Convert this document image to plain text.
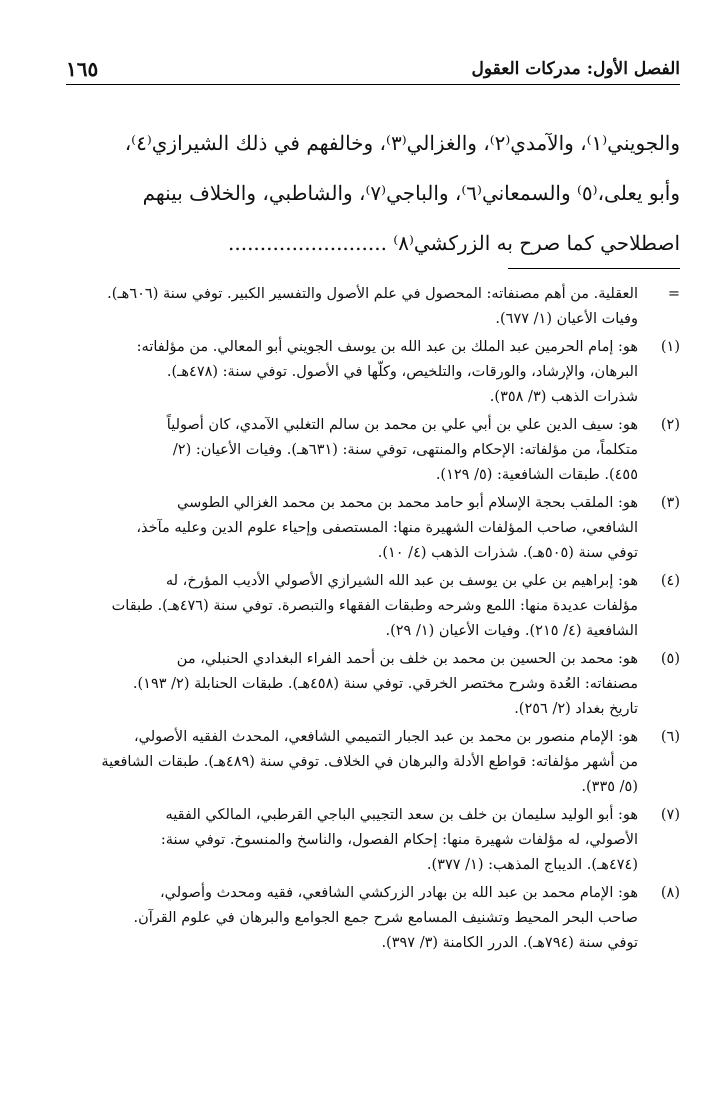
الفصل الأول: مدركات العقول
١٦٥

والجويني⁽١⁾، والآمدي⁽٢⁾، والغزالي⁽٣⁾، وخالفهم في ذلك الشيرازي⁽٤⁾،

وأبو يعلى،⁽٥⁾ والسمعاني⁽٦⁾، والباجي⁽٧⁾، والشاطبي، والخلاف بينهم

اصطلاحي كما صرح به الزركشي⁽٨⁾ .........................

=
العقلية. من أهم مصنفاته: المحصول في علم الأصول والتفسير الكبير. توفي سنة (٦٠٦هـ).
وفيات الأعيان (١/ ٦٧٧).
(١)
هو: إمام الحرمين عبد الملك بن عبد الله بن يوسف الجويني أبو المعالي. من مؤلفاته:
البرهان، والإرشاد، والورقات، والتلخيص، وكلّها في الأصول. توفي سنة: (٤٧٨هـ).
شذرات الذهب (٣/ ٣٥٨).
(٢)
هو: سيف الدين علي بن أبي علي بن محمد بن سالم التغلبي الآمدي، كان أصولياً
متكلماً، من مؤلفاته: الإحكام والمنتهى، توفي سنة: (٦٣١هـ). وفيات الأعيان: (٢/
٤٥٥). طبقات الشافعية: (٥/ ١٢٩).
(٣)
هو: الملقب بحجة الإسلام أبو حامد محمد بن محمد بن محمد الغزالي الطوسي
الشافعي، صاحب المؤلفات الشهيرة منها: المستصفى وإحياء علوم الدين وعليه مآخذ،
توفي سنة (٥٠٥هـ). شذرات الذهب (٤/ ١٠).
(٤)
هو: إبراهيم بن علي بن يوسف بن عبد الله الشيرازي الأصولي الأديب المؤرخ، له
مؤلفات عديدة منها: اللمع وشرحه وطبقات الفقهاء والتبصرة. توفي سنة (٤٧٦هـ). طبقات
الشافعية (٤/ ٢١٥). وفيات الأعيان (١/ ٢٩).
(٥)
هو: محمد بن الحسين بن محمد بن خلف بن أحمد الفراء البغدادي الحنبلي، من
مصنفاته: العُدة وشرح مختصر الخرقي. توفي سنة (٤٥٨هـ). طبقات الحنابلة (٢/ ١٩٣).
تاريخ بغداد (٢/ ٢٥٦).
(٦)
هو: الإمام منصور بن محمد بن عبد الجبار التميمي الشافعي، المحدث الفقيه الأصولي،
من أشهر مؤلفاته: قواطع الأدلة والبرهان في الخلاف. توفي سنة (٤٨٩هـ). طبقات الشافعية
(٥/ ٣٣٥).
(٧)
هو: أبو الوليد سليمان بن خلف بن سعد التجيبي الباجي القرطبي، المالكي الفقيه
الأصولي، له مؤلفات شهيرة منها: إحكام الفصول، والناسخ والمنسوخ. توفي سنة:
(٤٧٤هـ). الديباج المذهب: (١/ ٣٧٧).
(٨)
هو: الإمام محمد بن عبد الله بن بهادر الزركشي الشافعي، فقيه ومحدث وأصولي،
صاحب البحر المحيط وتشنيف المسامع شرح جمع الجوامع والبرهان في علوم القرآن.
توفي سنة (٧٩٤هـ). الدرر الكامنة (٣/ ٣٩٧).
